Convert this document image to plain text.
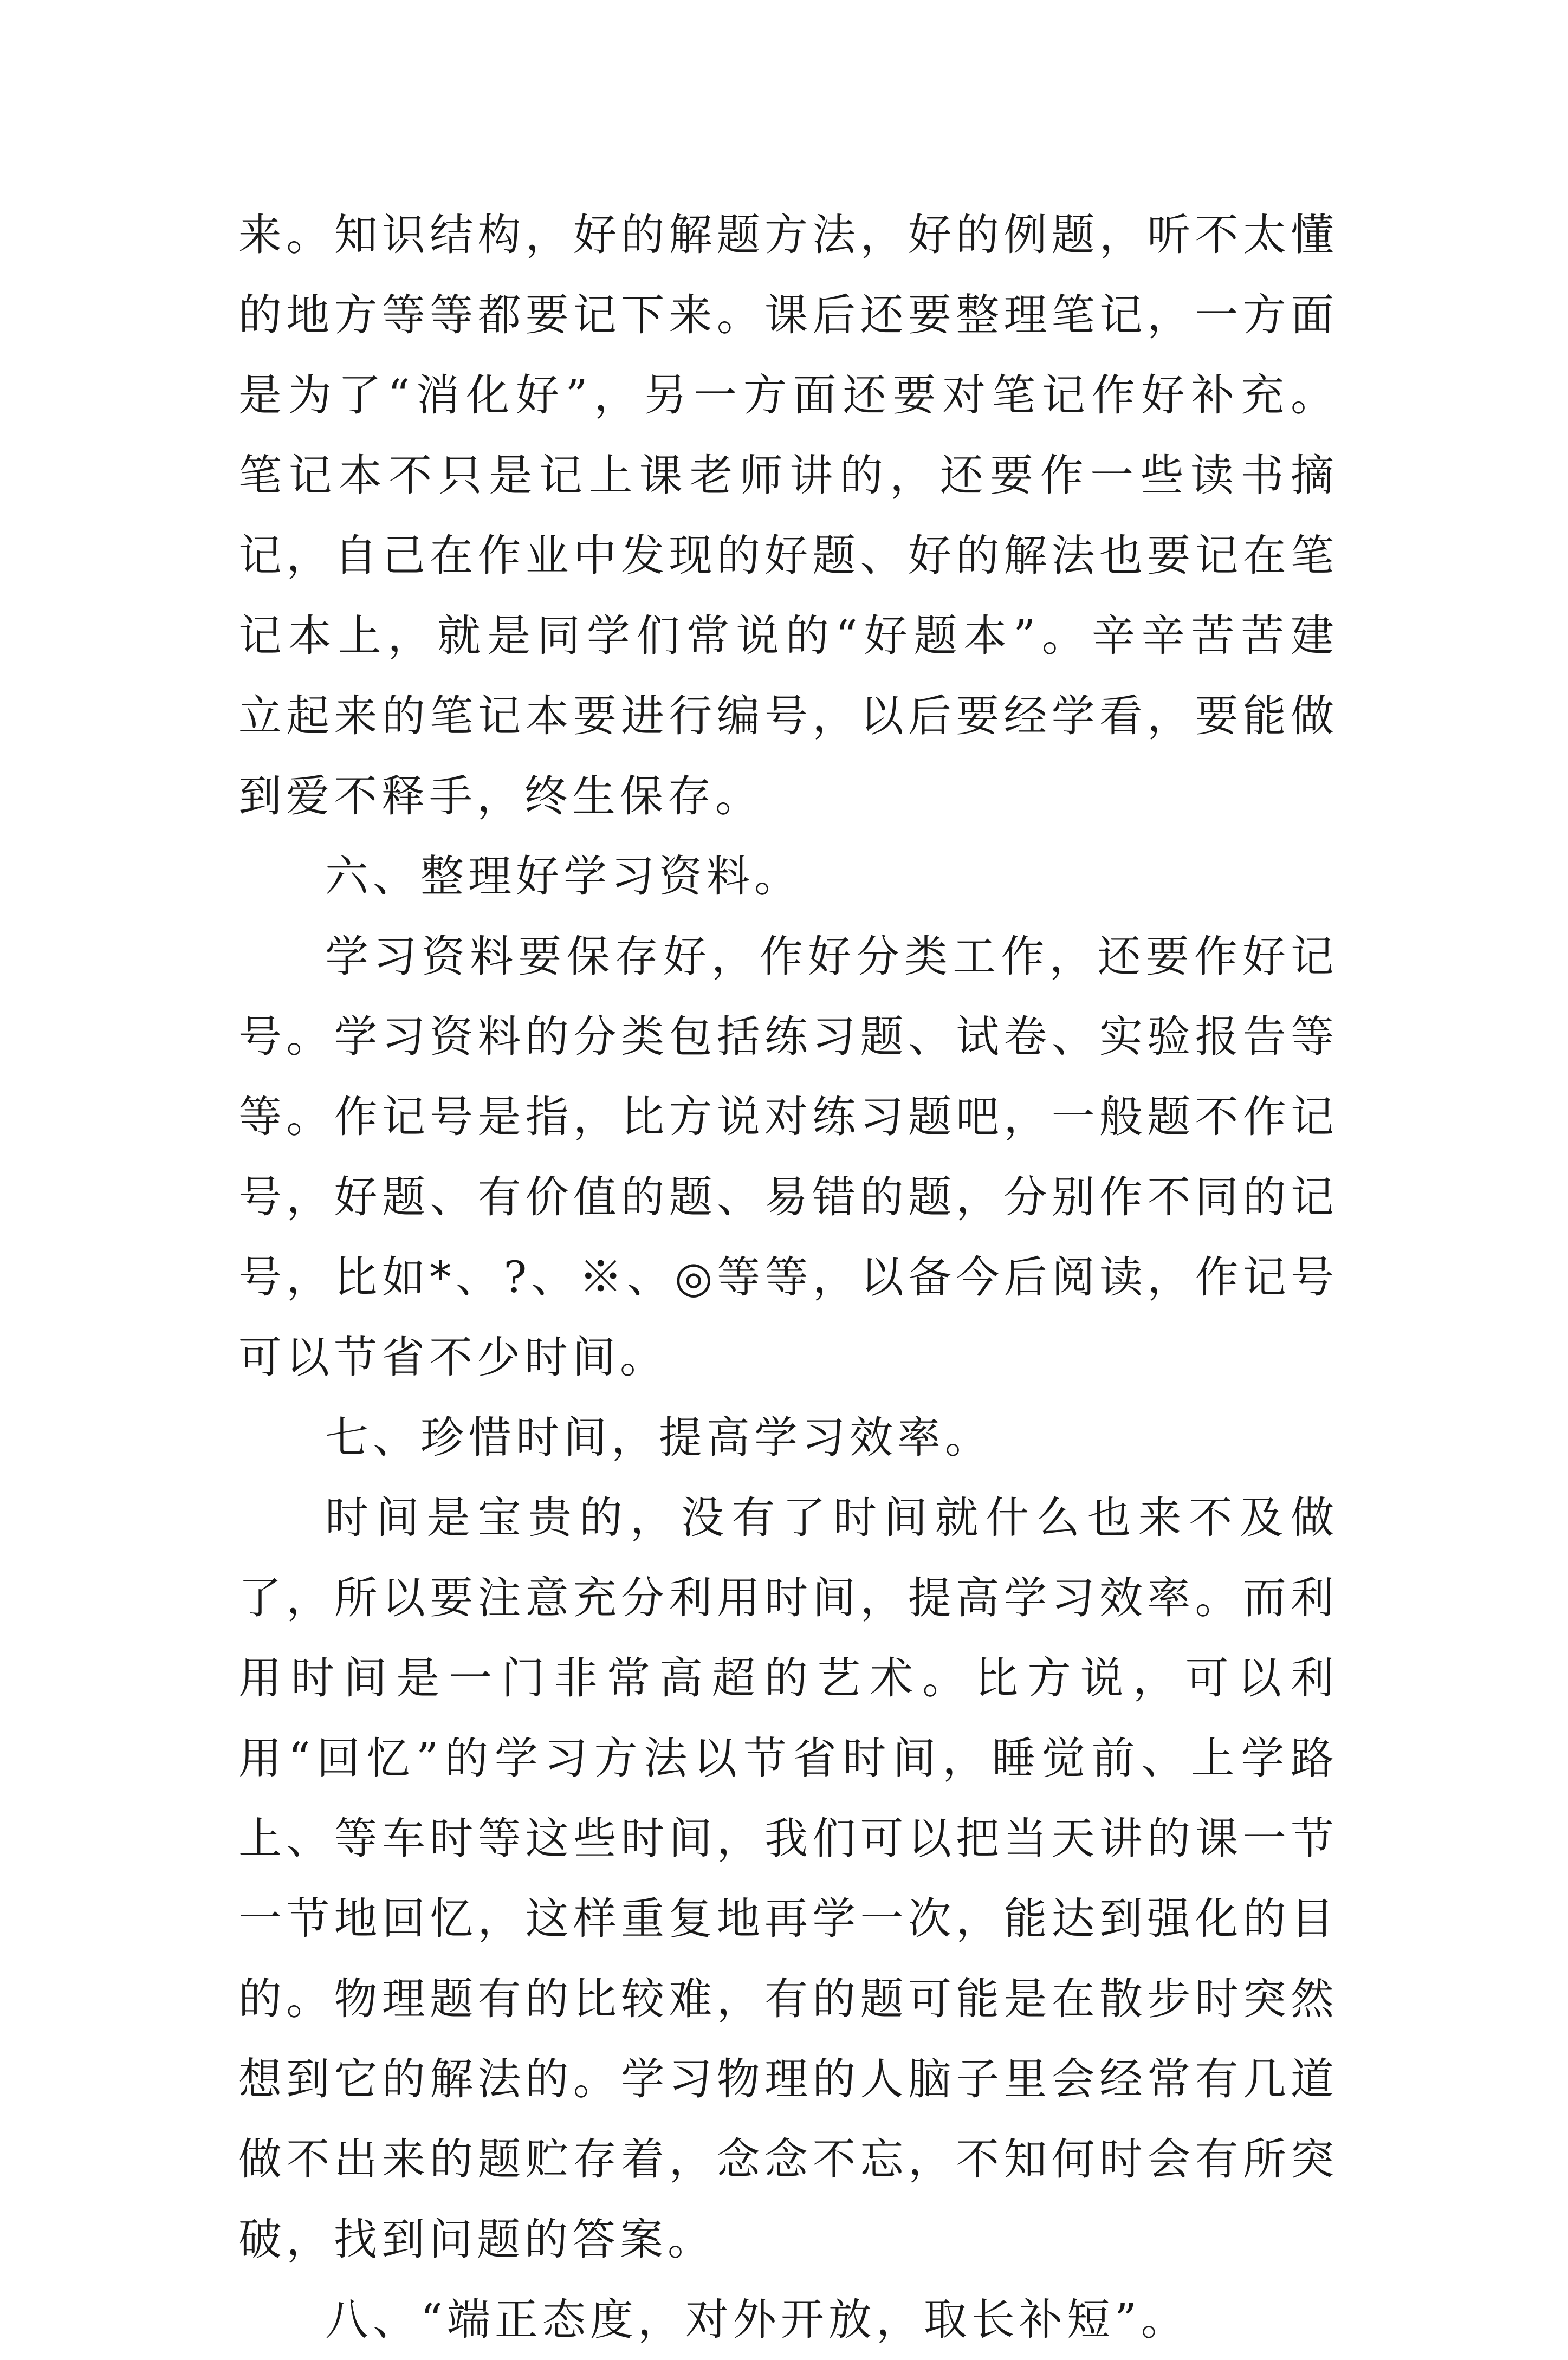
来。知识结构，好的解题方法，好的例题，听不太懂的地方等等都要记下来。课后还要整理笔记，一方面是为了“消化好”，另一方面还要对笔记作好补充。笔记本不只是记上课老师讲的，还要作一些读书摘记，自己在作业中发现的好题、好的解法也要记在笔记本上，就是同学们常说的“好题本”。辛辛苦苦建立起来的笔记本要进行编号，以后要经学看，要能做到爱不释手，终生保存。

六、整理好学习资料。

学习资料要保存好，作好分类工作，还要作好记号。学习资料的分类包括练习题、试卷、实验报告等等。作记号是指，比方说对练习题吧，一般题不作记号，好题、有价值的题、易错的题，分别作不同的记号，比如*、?、※、◎等等，以备今后阅读，作记号可以节省不少时间。

七、珍惜时间，提高学习效率。

时间是宝贵的，没有了时间就什么也来不及做了，所以要注意充分利用时间，提高学习效率。而利用时间是一门非常高超的艺术。比方说，可以利用“回忆”的学习方法以节省时间，睡觉前、上学路上、等车时等这些时间，我们可以把当天讲的课一节一节地回忆，这样重复地再学一次，能达到强化的目的。物理题有的比较难，有的题可能是在散步时突然想到它的解法的。学习物理的人脑子里会经常有几道做不出来的题贮存着，念念不忘，不知何时会有所突破，找到问题的答案。

八、“端正态度，对外开放，取长补短”。
